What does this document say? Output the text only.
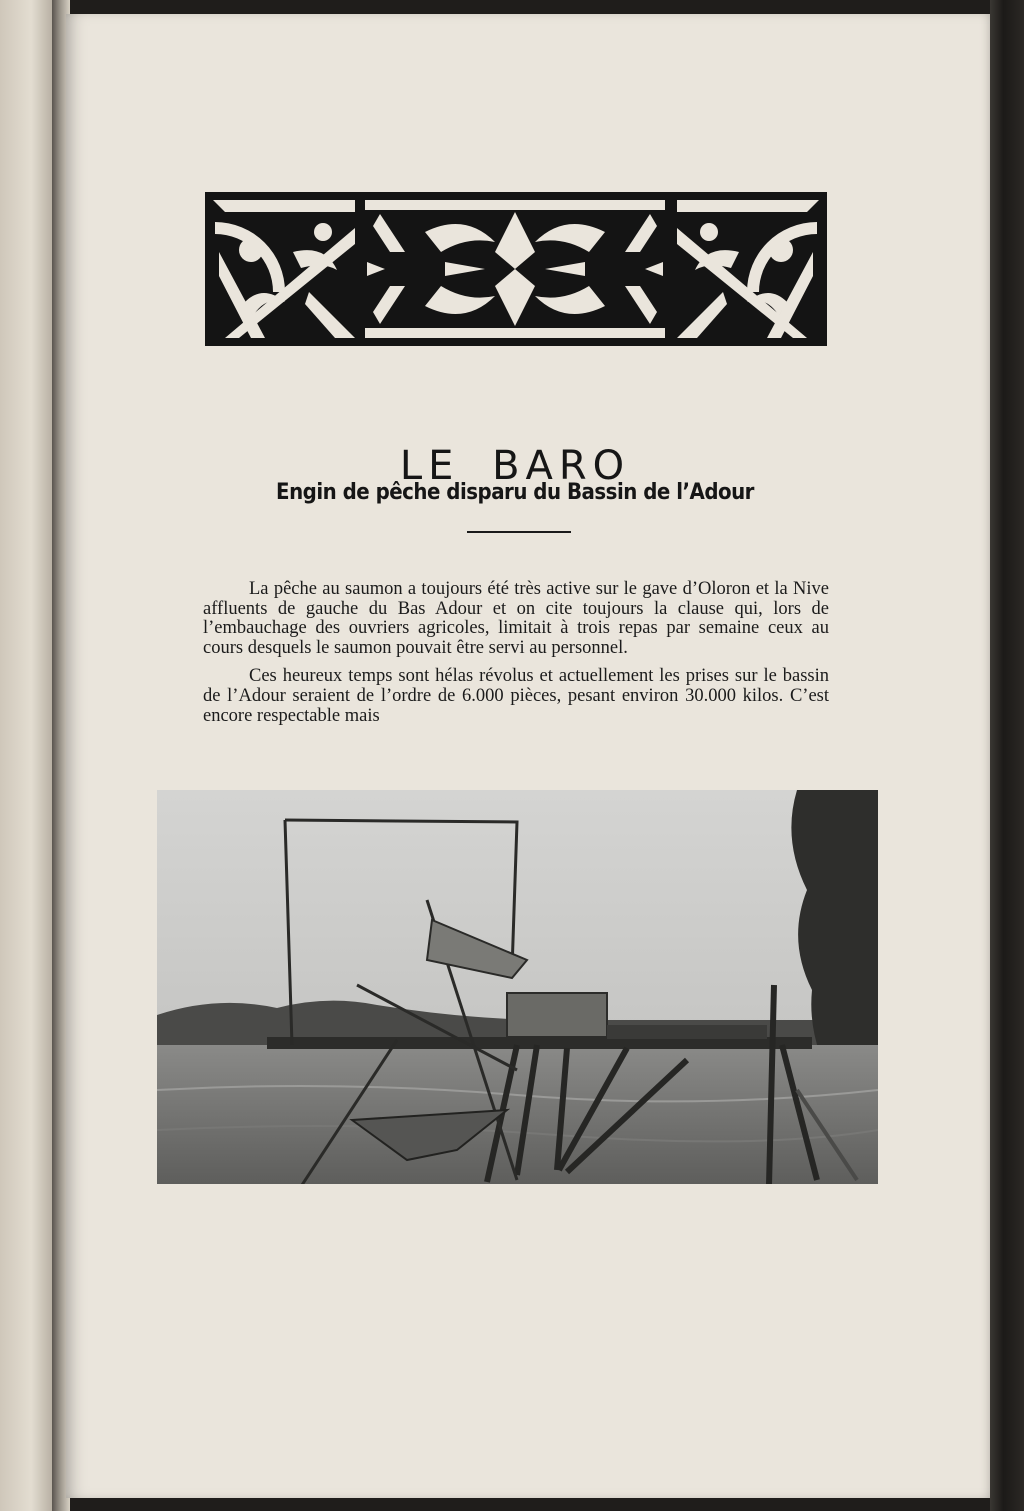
LE BARO
Engin de pêche disparu du Bassin de l’Adour

La pêche au saumon a toujours été très active sur le gave d’Oloron et la Nive affluents de gauche du Bas Adour et on cite toujours la clause qui, lors de l’embauchage des ouvriers agricoles, limitait à trois repas par semaine ceux au cours desquels le saumon pouvait être servi au personnel.

Ces heureux temps sont hélas révolus et actuellement les prises sur le bassin de l’Adour seraient de l’ordre de 6.000 pièces, pesant environ 30.000 kilos. C’est encore respectable mais
